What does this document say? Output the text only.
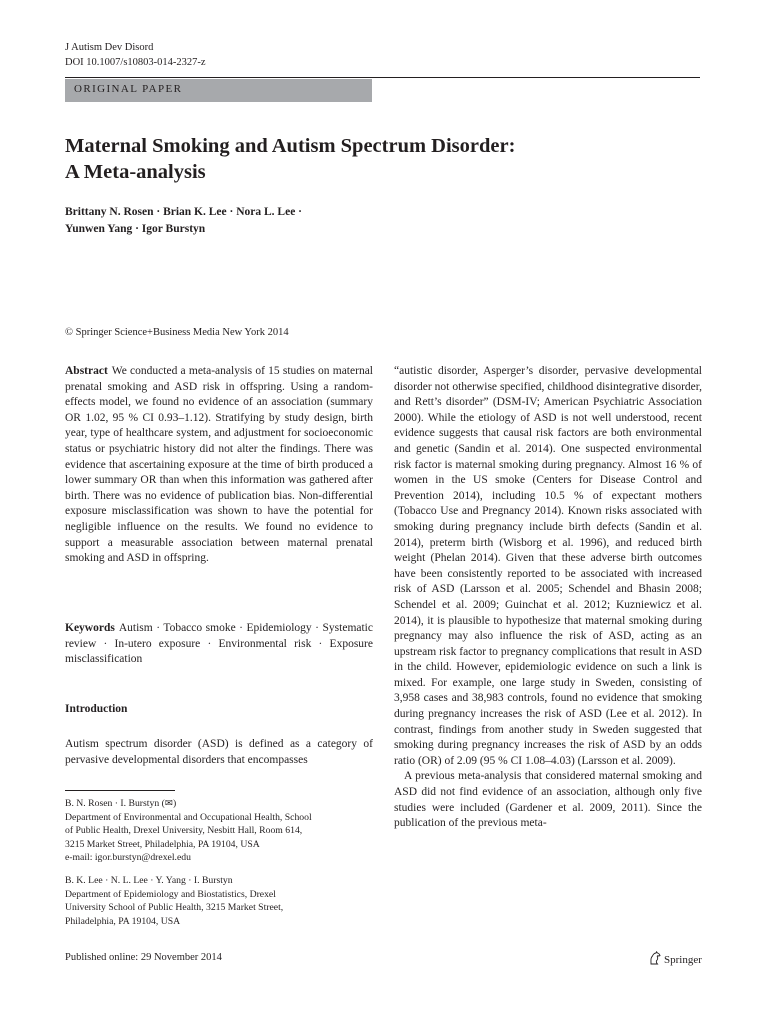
J Autism Dev Disord
DOI 10.1007/s10803-014-2327-z
ORIGINAL PAPER
Maternal Smoking and Autism Spectrum Disorder:
A Meta-analysis
Brittany N. Rosen · Brian K. Lee · Nora L. Lee ·
Yunwen Yang · Igor Burstyn
© Springer Science+Business Media New York 2014

Abstract We conducted a meta-analysis of 15 studies on maternal prenatal smoking and ASD risk in offspring. Using a random-effects model, we found no evidence of an association (summary OR 1.02, 95 % CI 0.93–1.12). Stratifying by study design, birth year, type of healthcare system, and adjustment for socioeconomic status or psychiatric history did not alter the findings. There was evidence that ascertaining exposure at the time of birth produced a lower summary OR than when this information was gathered after birth. There was no evidence of publication bias. Non-differential exposure misclassification was shown to have the potential for negligible influence on the results. We found no evidence to support a measurable association between maternal prenatal smoking and ASD in offspring.

Keywords Autism · Tobacco smoke · Epidemiology · Systematic review · In-utero exposure · Environmental risk · Exposure misclassification

Introduction

Autism spectrum disorder (ASD) is defined as a category of pervasive developmental disorders that encompasses

“autistic disorder, Asperger’s disorder, pervasive developmental disorder not otherwise specified, childhood disintegrative disorder, and Rett’s disorder” (DSM-IV; American Psychiatric Association 2000). While the etiology of ASD is not well understood, recent evidence suggests that causal risk factors are both environmental and genetic (Sandin et al. 2014). One suspected environmental risk factor is maternal smoking during pregnancy. Almost 16 % of women in the US smoke (Centers for Disease Control and Prevention 2014), including 10.5 % of expectant mothers (Tobacco Use and Pregnancy 2014). Known risks associated with smoking during pregnancy include birth defects (Sandin et al. 2014), preterm birth (Wisborg et al. 1996), and reduced birth weight (Phelan 2014). Given that these adverse birth outcomes have been consistently reported to be associated with increased risk of ASD (Larsson et al. 2005; Schendel and Bhasin 2008; Schendel et al. 2009; Guinchat et al. 2012; Kuzniewicz et al. 2014), it is plausible to hypothesize that maternal smoking during pregnancy may also influence the risk of ASD, acting as an upstream risk factor to pregnancy complications that result in ASD in the child. However, epidemiologic evidence on such a link is mixed. For example, one large study in Sweden, consisting of 3,958 cases and 38,983 controls, found no evidence that smoking during pregnancy increases the risk of ASD (Lee et al. 2012). In contrast, findings from another study in Sweden suggested that smoking during pregnancy increases the risk of ASD by an odds ratio (OR) of 2.09 (95 % CI 1.08–4.03) (Larsson et al. 2009).

A previous meta-analysis that considered maternal smoking and ASD did not find evidence of an association, although only five studies were included (Gardener et al. 2009, 2011). Since the publication of the previous meta-

B. N. Rosen · I. Burstyn (✉)
Department of Environmental and Occupational Health, School
of Public Health, Drexel University, Nesbitt Hall, Room 614,
3215 Market Street, Philadelphia, PA 19104, USA
e-mail: igor.burstyn@drexel.edu
B. K. Lee · N. L. Lee · Y. Yang · I. Burstyn
Department of Epidemiology and Biostatistics, Drexel
University School of Public Health, 3215 Market Street,
Philadelphia, PA 19104, USA
Published online: 29 November 2014	Springer
